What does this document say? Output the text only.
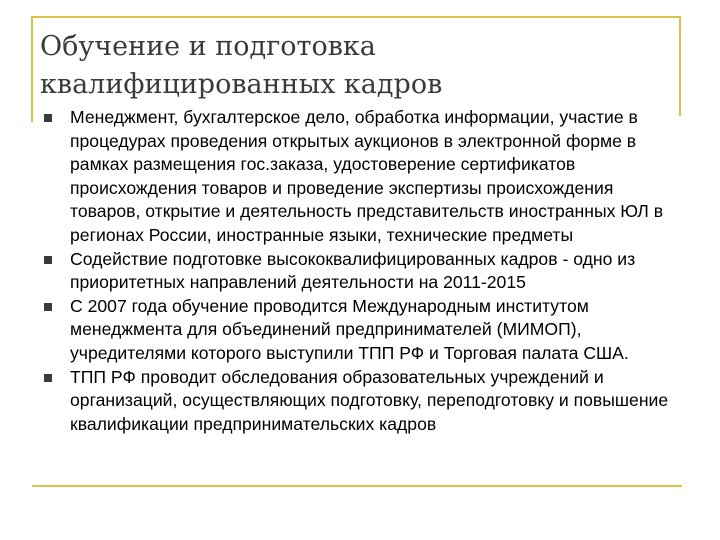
Обучение и подготовка
квалифицированных кадров
Менеджмент, бухгалтерское дело, обработка информации, участие в процедурах проведения открытых аукционов в электронной форме в рамках размещения гос.заказа, удостоверение сертификатов происхождения товаров и проведение экспертизы происхождения товаров, открытие и деятельность представительств иностранных ЮЛ в регионах России, иностранные языки, технические предметы
Содействие подготовке высококвалифицированных кадров - одно из приоритетных направлений деятельности на 2011-2015
С 2007 года обучение проводится Международным институтом менеджмента для объединений предпринимателей (МИМОП), учредителями которого выступили ТПП РФ и Торговая палата США.
ТПП РФ проводит обследования образовательных учреждений и организаций, осуществляющих подготовку, переподготовку и повышение квалификации предпринимательских кадров
